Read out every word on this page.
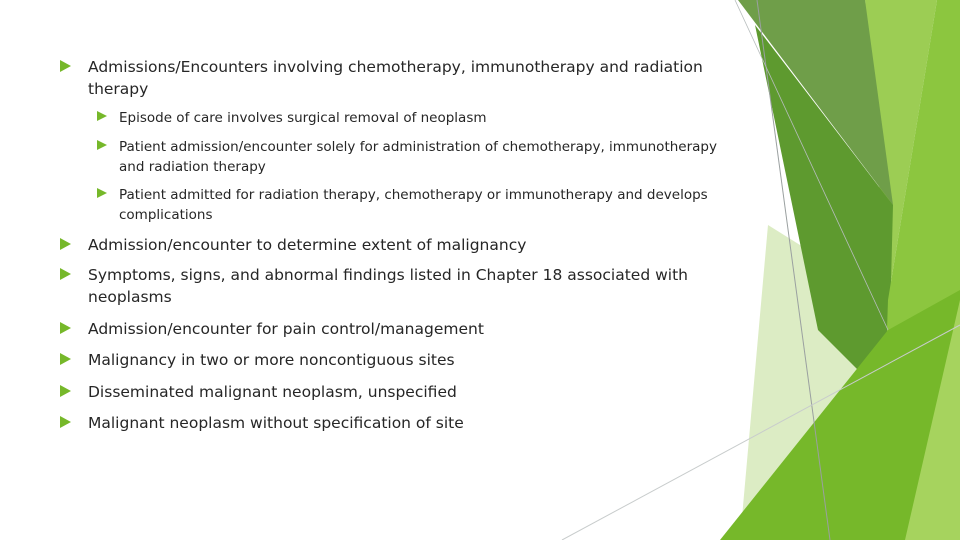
Admissions/Encounters involving chemotherapy, immunotherapy and radiation therapy
Episode of care involves surgical removal of neoplasm
Patient admission/encounter solely for administration of chemotherapy, immunotherapy and radiation therapy
Patient admitted for radiation therapy, chemotherapy or immunotherapy and develops complications
Admission/encounter to determine extent of malignancy
Symptoms, signs, and abnormal findings listed in Chapter 18 associated with neoplasms
Admission/encounter for pain control/management
Malignancy in two or more noncontiguous sites
Disseminated malignant neoplasm, unspecified
Malignant neoplasm without specification of site
